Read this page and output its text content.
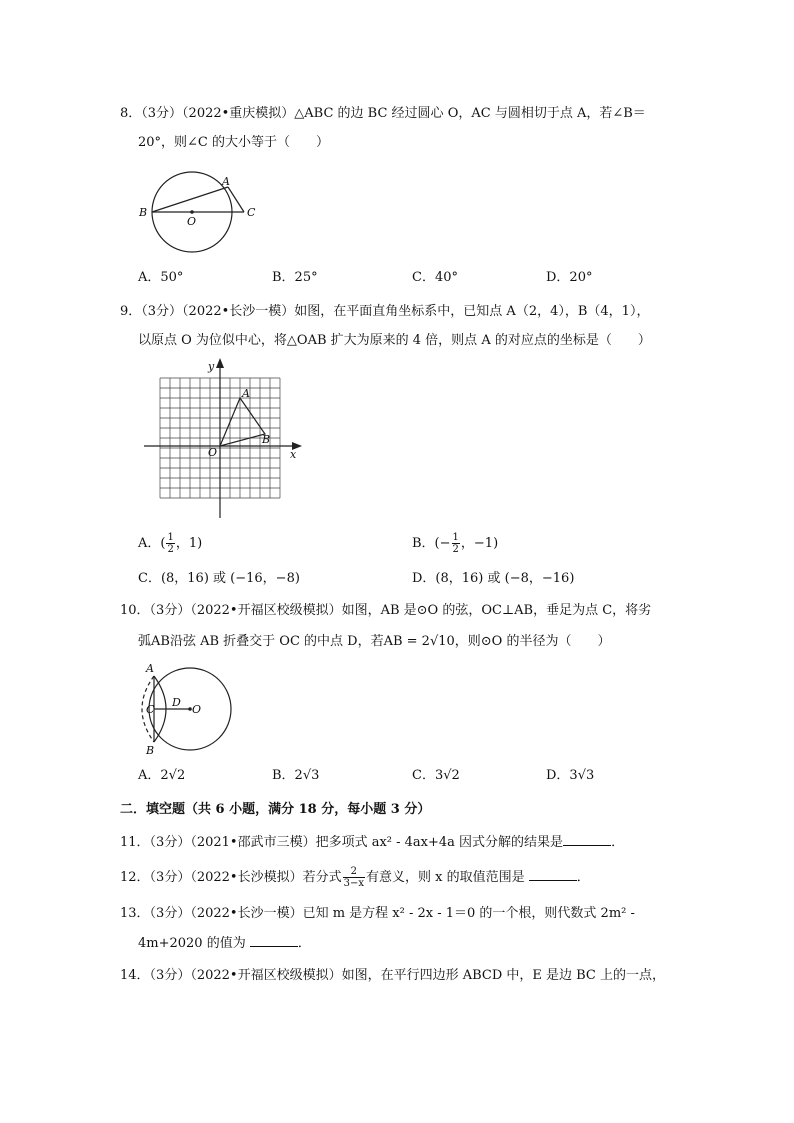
8．（3分）（2022•重庆模拟）△ABC 的边 BC 经过圆心 O，AC 与圆相切于点 A，若∠B＝
20°，则∠C 的大小等于（　　）
A
B
O
C
A．50°	B．25°	C．40°	D．20°
9．（3分）（2022•长沙一模）如图，在平面直角坐标系中，已知点 A（2，4），B（4，1），
以原点 O 为位似中心，将△OAB 扩大为原来的 4 倍，则点 A 的对应点的坐标是（　　）
y
x
O
A
B
A．( $\frac{1}{2}$ ，1)	B．(− $\frac{1}{2}$ ，−1)
C．(8，16) 或 (−16，−8)	D．(8，16) 或 (−8，−16)
10．（3分）（2022•开福区校级模拟）如图，AB 是⊙O 的弦，OC⊥AB，垂足为点 C，将劣
弧AB沿弦 AB 折叠交于 OC 的中点 D，若AB = 2√10，则⊙O 的半径为（　　）
A
B
C
D
O
A．2√2	B．2√3	C．3√2	D．3√3
二．填空题（共 6 小题，满分 18 分，每小题 3 分）
11．（3分）（2021•邵武市三模）把多项式 ax² - 4ax+4a 因式分解的结果是	．
12．（3分）（2022•长沙模拟）若分式 $\frac{2}{3-x}$ 有意义，则 x 的取值范围是	．
13．（3分）（2022•长沙一模）已知 m 是方程 x² - 2x - 1＝0 的一个根，则代数式 2m² -
4m+2020 的值为	．
14．（3分）（2022•开福区校级模拟）如图，在平行四边形 ABCD 中，E 是边 BC 上的一点，
